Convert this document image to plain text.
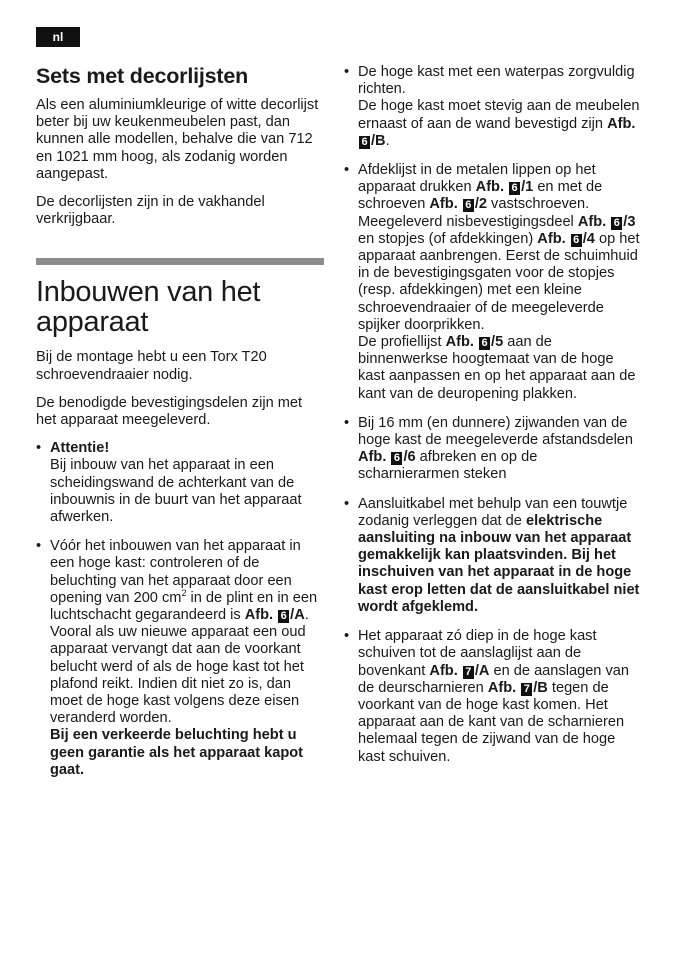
nl
Sets met decorlijsten

Als een aluminiumkleurige of witte decorlijst beter bij uw keukenmeubelen past, dan kunnen alle modellen, behalve die van 712 en 1021 mm hoog, als zodanig worden aangepast.

De decorlijsten zijn in de vakhandel verkrijgbaar.

Inbouwen van het apparaat

Bij de montage hebt u een Torx T20 schroevendraaier nodig.

De benodigde bevestigingsdelen zijn met het apparaat meegeleverd.

• Attentie!
Bij inbouw van het apparaat in een scheidingswand de achterkant van de inbouwnis in de buurt van het apparaat afwerken.
• Vóór het inbouwen van het apparaat in een hoge kast: controleren of de beluchting van het apparaat door een opening van 200 $cm^2$ in de plint en in een luchtschacht gegarandeerd is Afb. 6 /A.
Vooral als uw nieuwe apparaat een oud apparaat vervangt dat aan de voorkant belucht werd of als de hoge kast tot het plafond reikt. Indien dit niet zo is, dan moet de hoge kast volgens deze eisen veranderd worden.
Bij een verkeerde beluchting hebt u geen garantie als het apparaat kapot gaat.
• De hoge kast met een waterpas zorgvuldig richten.
De hoge kast moet stevig aan de meubelen ernaast of aan de wand bevestigd zijn Afb. 6 /B.
• Afdeklijst in de metalen lippen op het apparaat drukken Afb. 6 /1 en met de schroeven Afb. 6 /2 vastschroeven. Meegeleverd nisbevestigingsdeel Afb. 6 /3 en stopjes (of afdekkingen) Afb. 6 /4 op het apparaat aanbrengen. Eerst de schuimhuid in de bevestigingsgaten voor de stopjes (resp. afdekkingen) met een kleine schroevendraaier of de meegeleverde spijker doorprikken.
De profiellijst Afb. 6 /5 aan de binnenwerkse hoogtemaat van de hoge kast aanpassen en op het apparaat aan de kant van de deuropening plakken.
• Bij 16 mm (en dunnere) zijwanden van de hoge kast de meegeleverde afstandsdelen Afb. 6 /6 afbreken en op de scharnierarmen steken
• Aansluitkabel met behulp van een touwtje zodanig verleggen dat de elektrische aansluiting na inbouw van het apparaat gemakkelijk kan plaatsvinden. Bij het inschuiven van het apparaat in de hoge kast erop letten dat de aansluitkabel niet wordt afgeklemd.
• Het apparaat zó diep in de hoge kast schuiven tot de aanslaglijst aan de bovenkant Afb. 7 /A en de aanslagen van de deurscharnieren Afb. 7 /B tegen de voorkant van de hoge kast komen. Het apparaat aan de kant van de scharnieren helemaal tegen de zijwand van de hoge kast schuiven.
